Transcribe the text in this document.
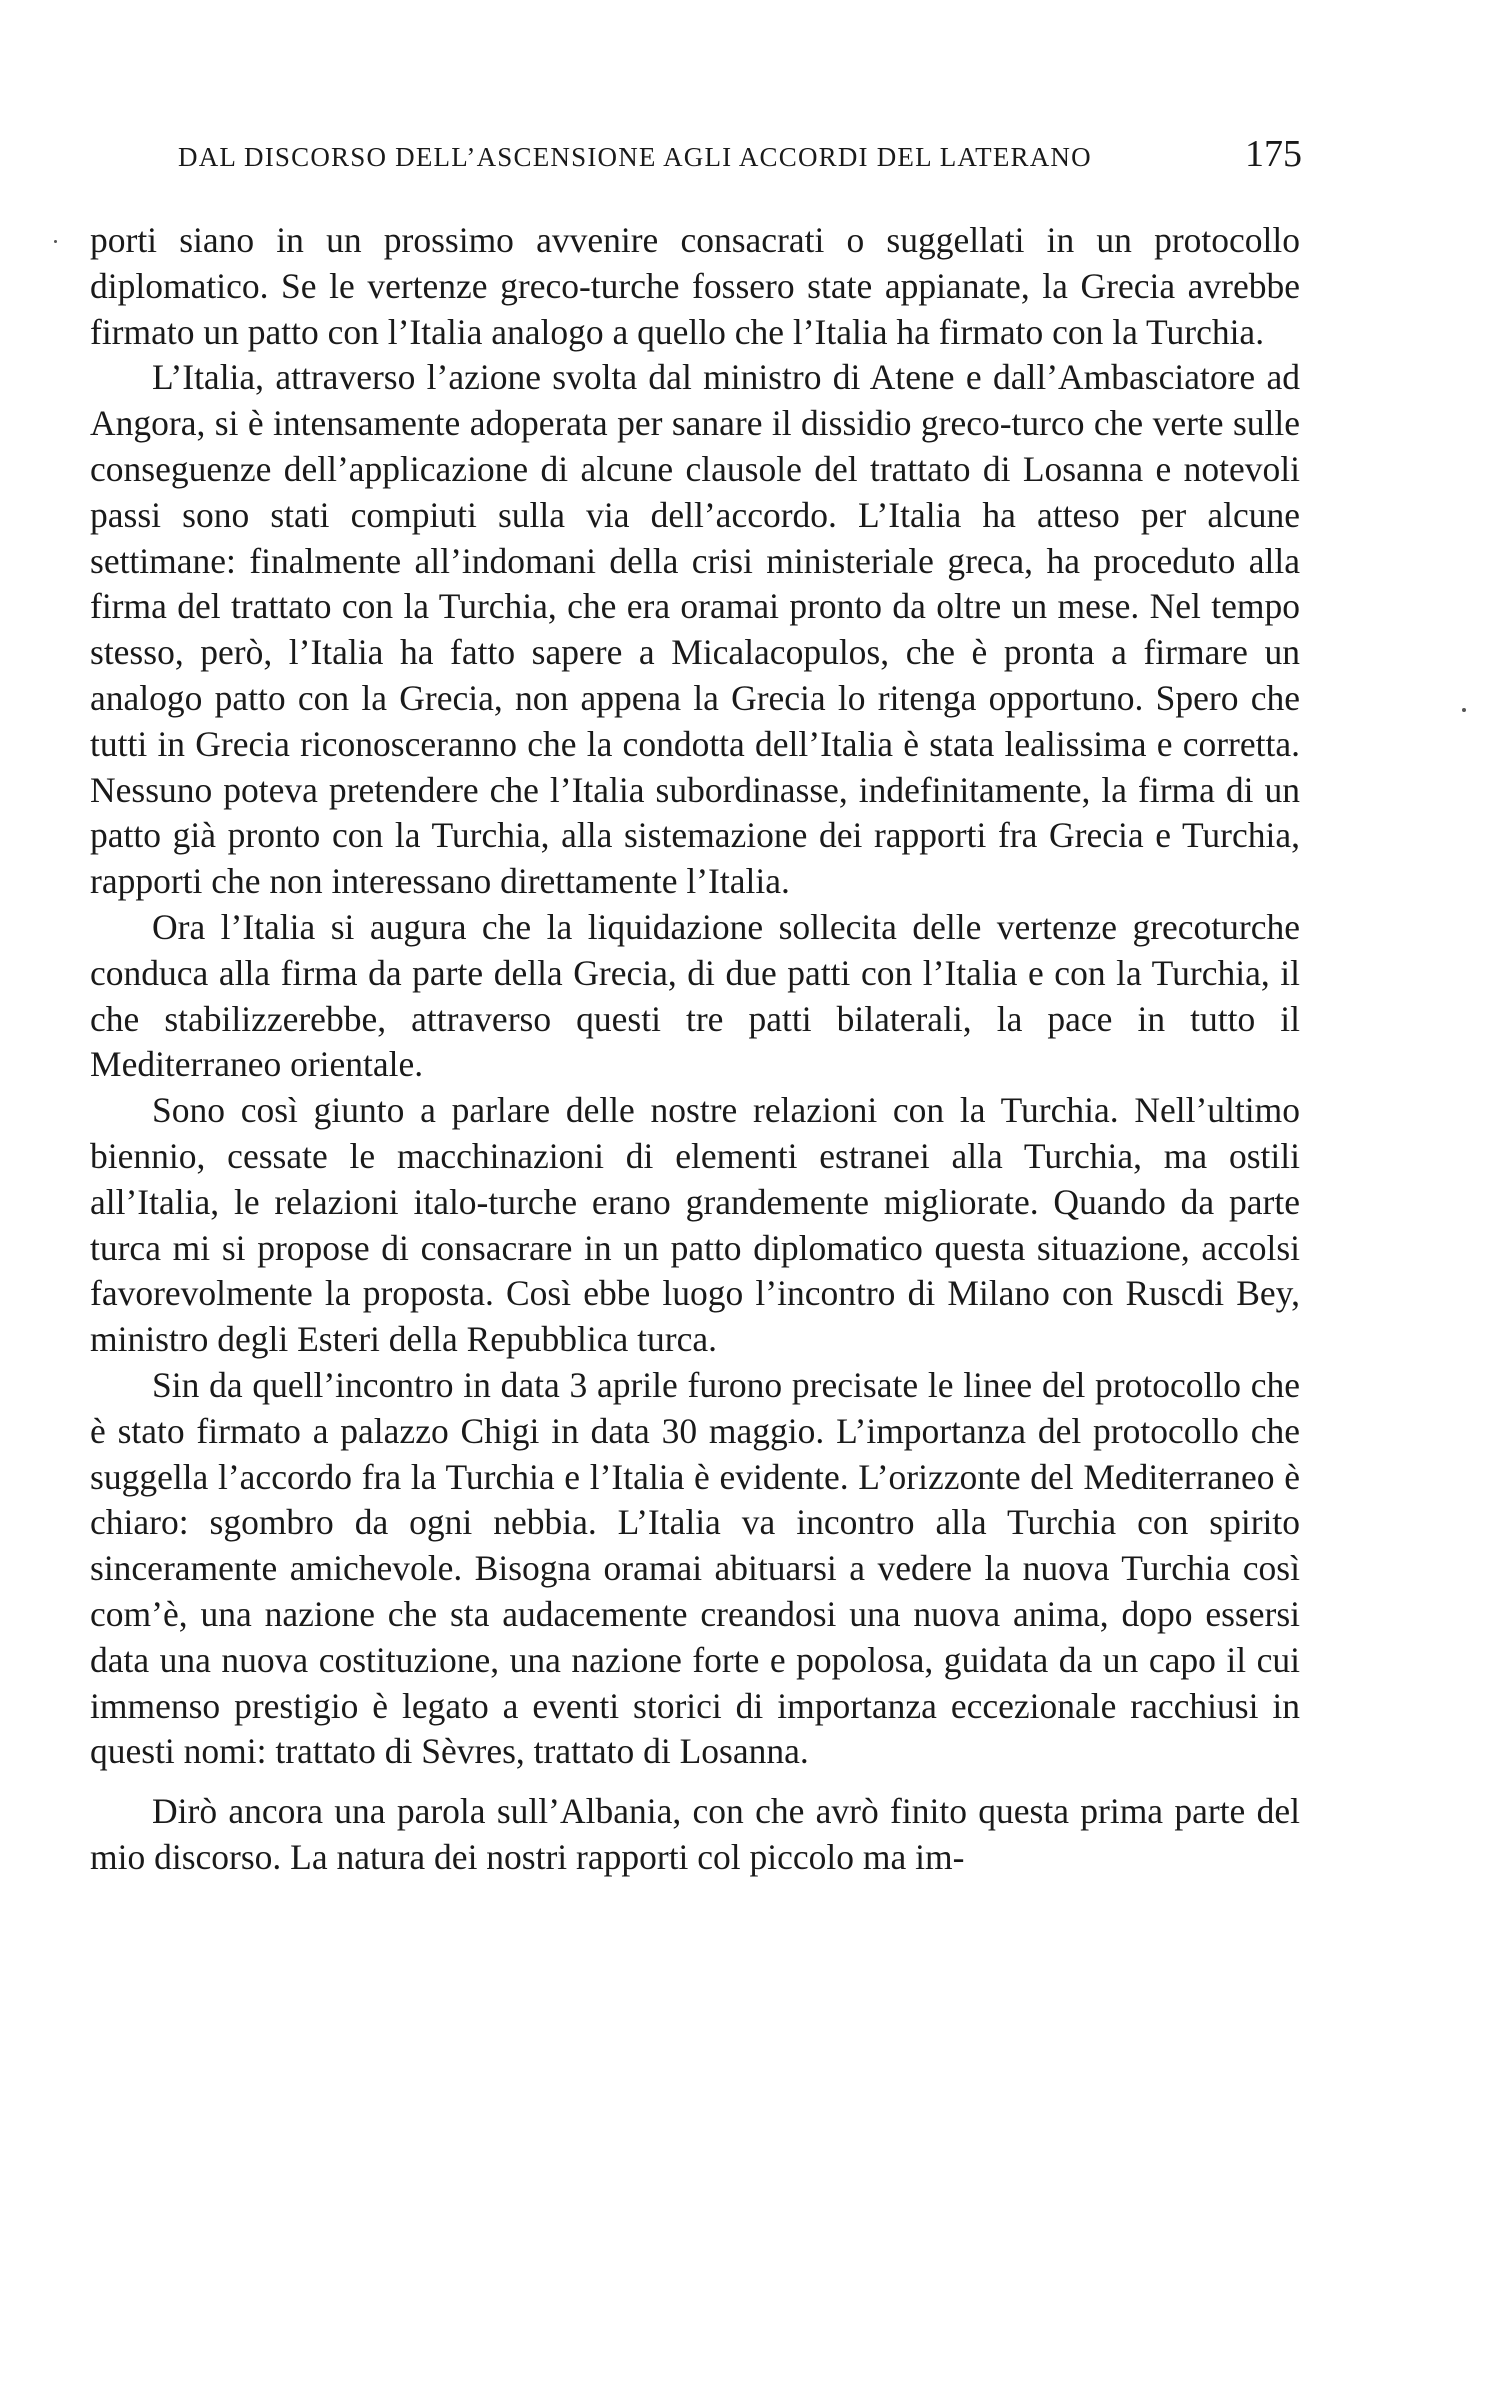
DAL DISCORSO DELL’ASCENSIONE AGLI ACCORDI DEL LATERANO	175

porti siano in un prossimo avvenire consacrati o suggellati in un protocollo diplomatico. Se le vertenze greco-turche fossero state appianate, la Grecia avrebbe firmato un patto con l’Italia analogo a quello che l’Italia ha firmato con la Turchia.

L’Italia, attraverso l’azione svolta dal ministro di Atene e dall’Ambasciatore ad Angora, si è intensamente adoperata per sanare il dissidio greco-turco che verte sulle conseguenze dell’applicazione di alcune clausole del trattato di Losanna e notevoli passi sono stati compiuti sulla via dell’accordo. L’Italia ha atteso per alcune settimane: finalmente all’indomani della crisi ministeriale greca, ha proceduto alla firma del trattato con la Turchia, che era oramai pronto da oltre un mese. Nel tempo stesso, però, l’Italia ha fatto sapere a Micalacopulos, che è pronta a firmare un analogo patto con la Grecia, non appena la Grecia lo ritenga opportuno. Spero che tutti in Grecia riconosceranno che la condotta dell’Italia è stata lealissima e corretta. Nessuno poteva pretendere che l’Italia subordinasse, indefinitamente, la firma di un patto già pronto con la Turchia, alla sistemazione dei rapporti fra Grecia e Turchia, rapporti che non interessano direttamente l’Italia.

Ora l’Italia si augura che la liquidazione sollecita delle vertenze grecoturche conduca alla firma da parte della Grecia, di due patti con l’Italia e con la Turchia, il che stabilizzerebbe, attraverso questi tre patti bilaterali, la pace in tutto il Mediterraneo orientale.

Sono così giunto a parlare delle nostre relazioni con la Turchia. Nell’ultimo biennio, cessate le macchinazioni di elementi estranei alla Turchia, ma ostili all’Italia, le relazioni italo-turche erano grandemente migliorate. Quando da parte turca mi si propose di consacrare in un patto diplomatico questa situazione, accolsi favorevolmente la proposta. Così ebbe luogo l’incontro di Milano con Ruscdi Bey, ministro degli Esteri della Repubblica turca.

Sin da quell’incontro in data 3 aprile furono precisate le linee del protocollo che è stato firmato a palazzo Chigi in data 30 maggio. L’importanza del protocollo che suggella l’accordo fra la Turchia e l’Italia è evidente. L’orizzonte del Mediterraneo è chiaro: sgombro da ogni nebbia. L’Italia va incontro alla Turchia con spirito sinceramente amichevole. Bisogna oramai abituarsi a vedere la nuova Turchia così com’è, una nazione che sta audacemente creandosi una nuova anima, dopo essersi data una nuova costituzione, una nazione forte e popolosa, guidata da un capo il cui immenso prestigio è legato a eventi storici di importanza eccezionale racchiusi in questi nomi: trattato di Sèvres, trattato di Losanna.

Dirò ancora una parola sull’Albania, con che avrò finito questa prima parte del mio discorso. La natura dei nostri rapporti col piccolo ma im-
